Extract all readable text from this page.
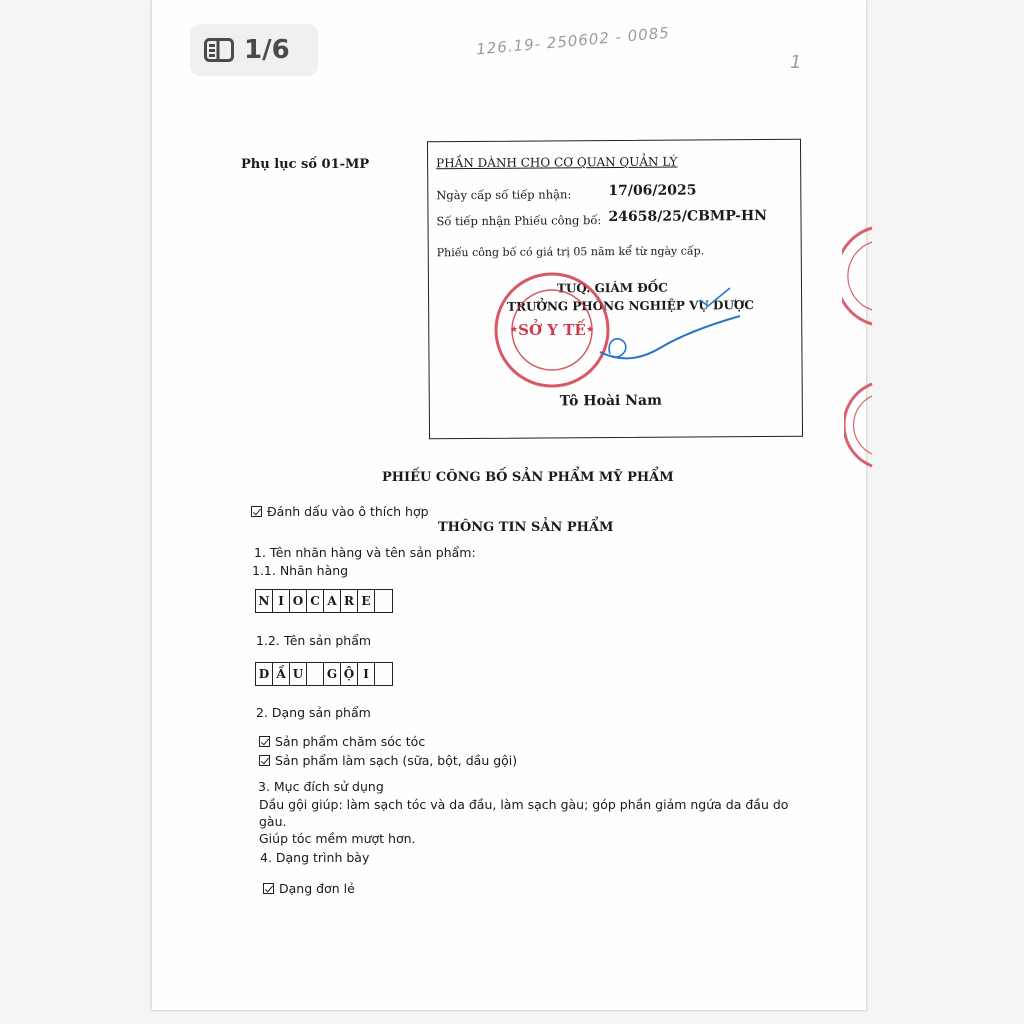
1/6	126.19- 250602 - 0085
1
Phụ lục số 01-MP	PHẦN DÀNH CHO CƠ QUAN QUẢN LÝ
Ngày cấp số tiếp nhận:	17/06/2025
Số tiếp nhận Phiếu công bố: 24658/25/CBMP-HN
Phiếu công bố có giá trị 05 năm kể từ ngày cấp.
TUQ. GIÁM ĐỐC
TRƯỞNG PHÒNG NGHIỆP VỤ DƯỢC
Tô Hoài Nam
SỞ Y TẾ
★	★
PHIẾU CÔNG BỐ SẢN PHẨM MỸ PHẨM
Đánh dấu vào ô thích hợp
THÔNG TIN SẢN PHẨM
1. Tên nhãn hàng và tên sản phẩm:
1.1. Nhãn hàng
N I O C A R E
1.2. Tên sản phẩm
D Ầ U	G Ộ I
2. Dạng sản phẩm
Sản phẩm chăm sóc tóc
Sản phẩm làm sạch (sữa, bột, dầu gội)
3. Mục đích sử dụng
Dầu gội giúp: làm sạch tóc và da đầu, làm sạch gàu; góp phần giảm ngứa da đầu do gàu.
Giúp tóc mềm mượt hơn.
4. Dạng trình bày
Dạng đơn lẻ
